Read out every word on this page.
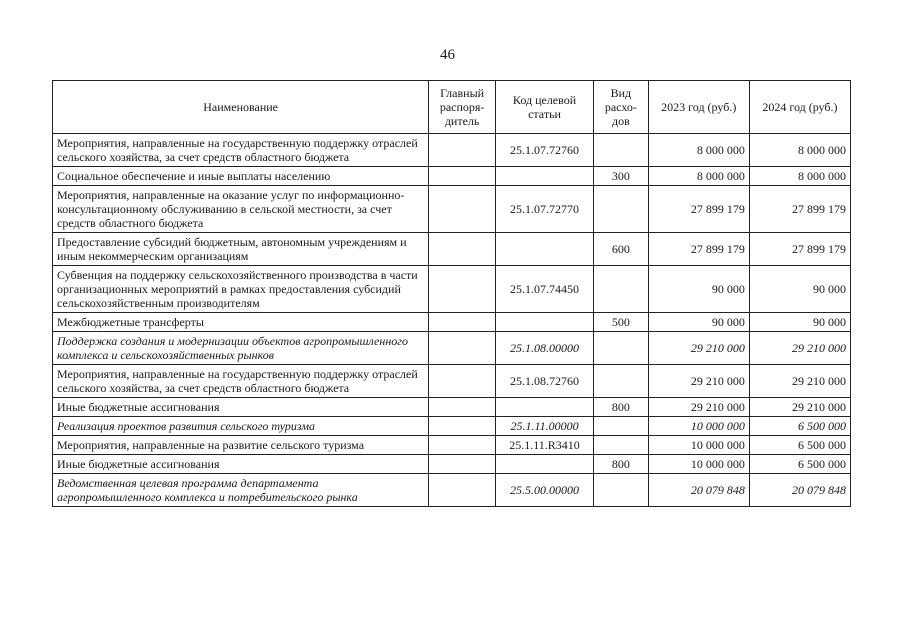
46
Наименование	Главный распоря-дитель	Код целевой статьи	Вид расхо-дов	2023 год (руб.)	2024 год (руб.)
Мероприятия, направленные на государственную поддержку отраслей сельского хозяйства, за счет средств областного бюджета		25.1.07.72760		8 000 000	8 000 000
Социальное обеспечение и иные выплаты населению			300	8 000 000	8 000 000
Мероприятия, направленные на оказание услуг по информационно-консультационному обслуживанию в сельской местности, за счет средств областного бюджета		25.1.07.72770		27 899 179	27 899 179
Предоставление субсидий бюджетным, автономным учреждениям и иным некоммерческим организациям			600	27 899 179	27 899 179
Субвенция на поддержку сельскохозяйственного производства в части организационных мероприятий в рамках предоставления субсидий сельскохозяйственным производителям		25.1.07.74450		90 000	90 000
Межбюджетные трансферты			500	90 000	90 000
Поддержка создания и модернизации объектов агропромышленного комплекса и сельскохозяйственных рынков		25.1.08.00000		29 210 000	29 210 000
Мероприятия, направленные на государственную поддержку отраслей сельского хозяйства, за счет средств областного бюджета		25.1.08.72760		29 210 000	29 210 000
Иные бюджетные ассигнования			800	29 210 000	29 210 000
Реализация проектов развития сельского туризма		25.1.11.00000		10 000 000	6 500 000
Мероприятия, направленные на развитие сельского туризма		25.1.11.R3410		10 000 000	6 500 000
Иные бюджетные ассигнования			800	10 000 000	6 500 000
Ведомственная целевая программа департамента агропромышленного комплекса и потребительского рынка		25.5.00.00000		20 079 848	20 079 848
